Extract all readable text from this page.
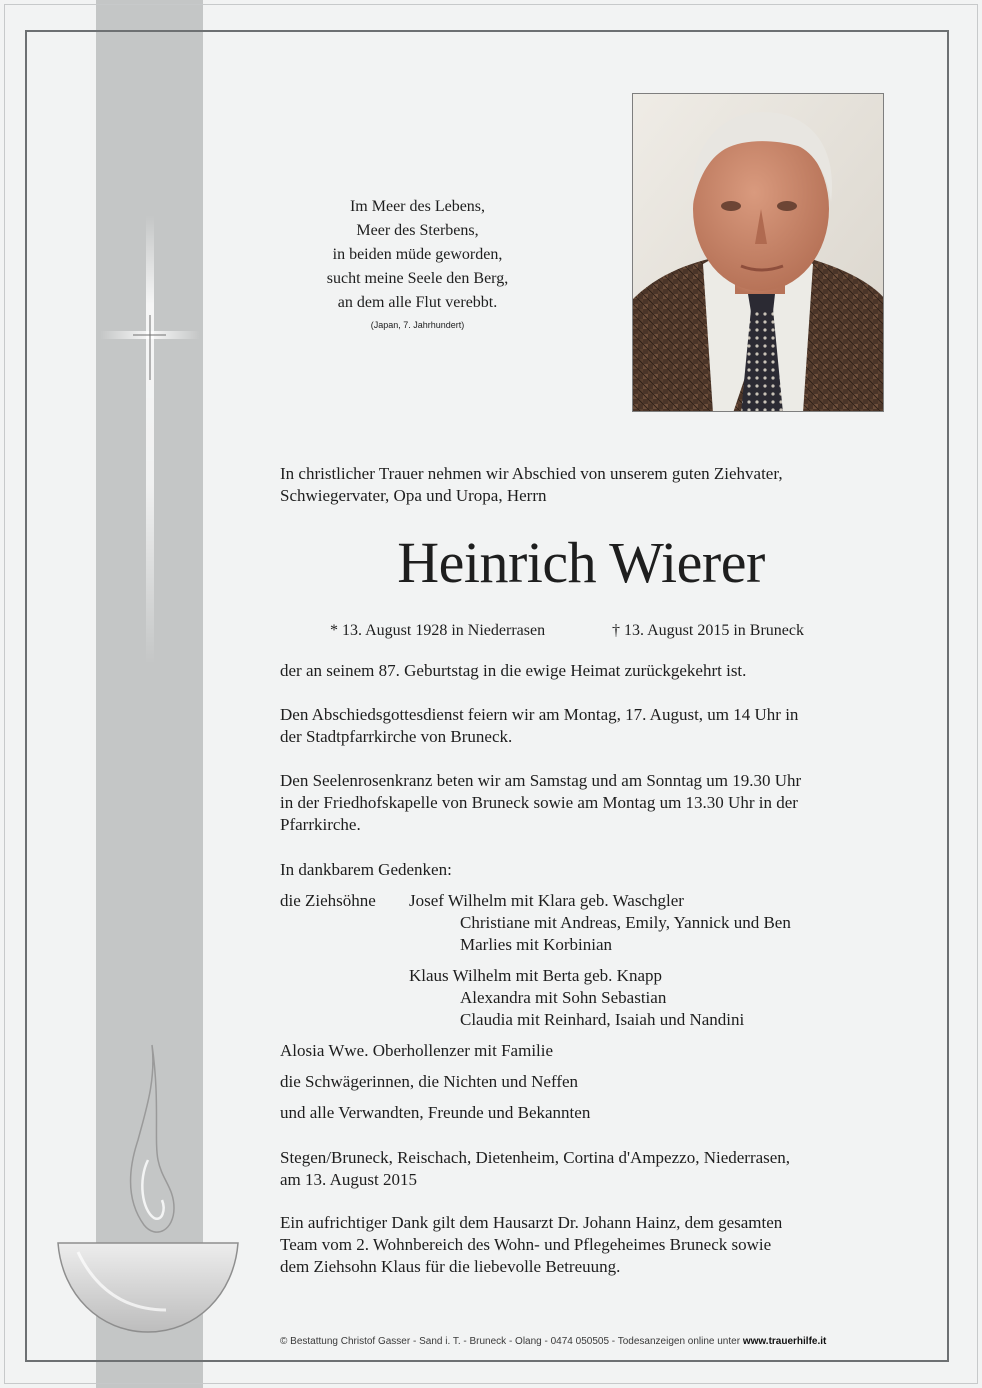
Im Meer des Lebens,
Meer des Sterbens,
in beiden müde geworden,
sucht meine Seele den Berg,
an dem alle Flut verebbt.
(Japan, 7. Jahrhundert)
In christlicher Trauer nehmen wir Abschied von unserem guten Ziehvater,
Schwiegervater, Opa und Uropa, Herrn
Heinrich Wierer
* 13. August 1928 in Niederrasen	† 13. August 2015 in Bruneck
der an seinem 87. Geburtstag in die ewige Heimat zurückgekehrt ist.
Den Abschiedsgottesdienst feiern wir am Montag, 17. August, um 14 Uhr in
der Stadtpfarrkirche von Bruneck.
Den Seelenrosenkranz beten wir am Samstag und am Sonntag um 19.30 Uhr
in der Friedhofskapelle von Bruneck sowie am Montag um 13.30 Uhr in der
Pfarrkirche.
In dankbarem Gedenken:
die Ziehsöhne Josef Wilhelm mit Klara geb. Waschgler
Christiane mit Andreas, Emily, Yannick und Ben
Marlies mit Korbinian
Klaus Wilhelm mit Berta geb. Knapp
Alexandra mit Sohn Sebastian
Claudia mit Reinhard, Isaiah und Nandini
Alosia Wwe. Oberhollenzer mit Familie
die Schwägerinnen, die Nichten und Neffen
und alle Verwandten, Freunde und Bekannten
Stegen/Bruneck, Reischach, Dietenheim, Cortina d'Ampezzo, Niederrasen,
am 13. August 2015
Ein aufrichtiger Dank gilt dem Hausarzt Dr. Johann Hainz, dem gesamten
Team vom 2. Wohnbereich des Wohn- und Pflegeheimes Bruneck sowie
dem Ziehsohn Klaus für die liebevolle Betreuung.
© Bestattung Christof Gasser - Sand i. T. - Bruneck - Olang - 0474 050505 - Todesanzeigen online unter www.trauerhilfe.it
